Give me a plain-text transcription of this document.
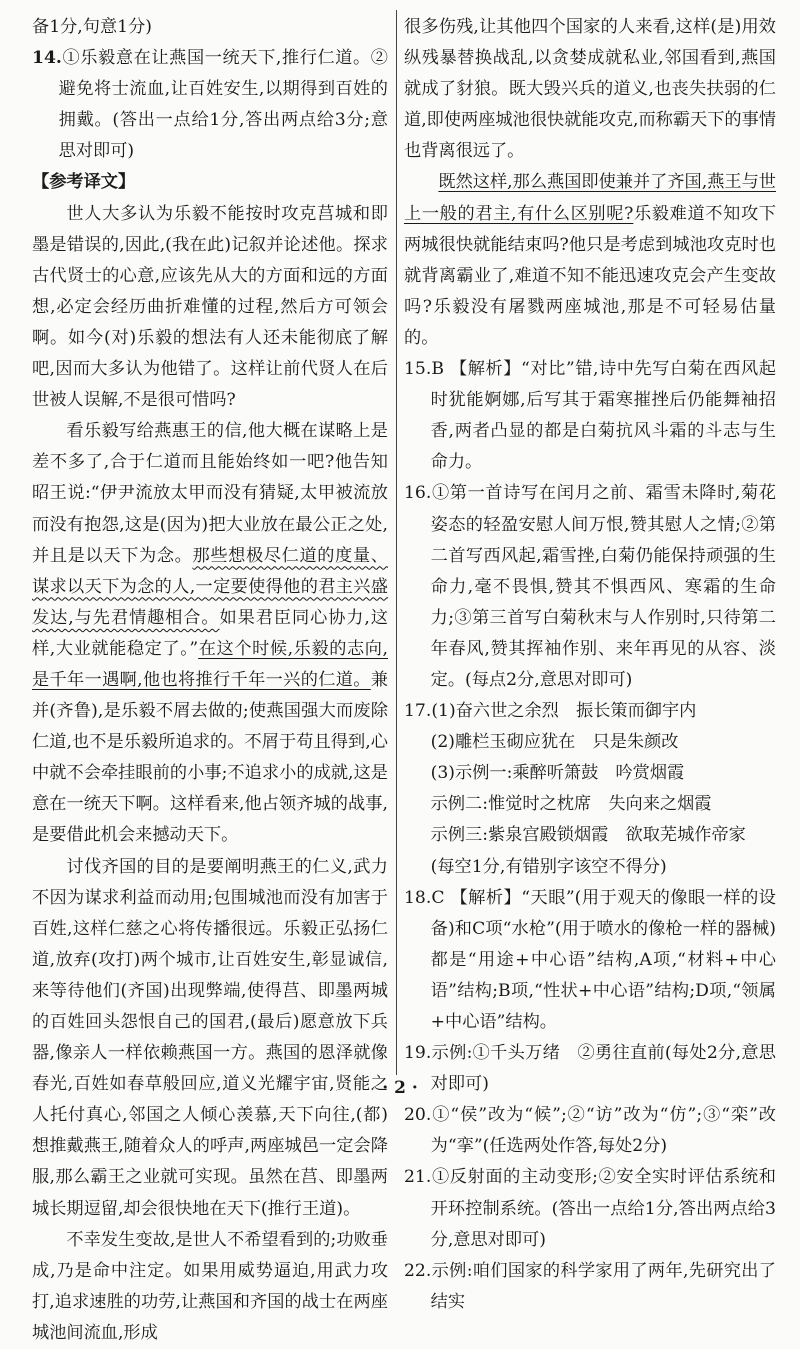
备1分,句意1分)

14.①乐毅意在让燕国一统天下,推行仁道。②避免将士流血,让百姓安生,以期得到百姓的拥戴。(答出一点给1分,答出两点给3分;意思对即可)

【参考译文】

世人大多认为乐毅不能按时攻克莒城和即墨是错误的,因此,(我在此)记叙并论述他。探求古代贤士的心意,应该先从大的方面和远的方面想,必定会经历曲折难懂的过程,然后方可领会啊。如今(对)乐毅的想法有人还未能彻底了解吧,因而大多认为他错了。这样让前代贤人在后世被人误解,不是很可惜吗?

看乐毅写给燕惠王的信,他大概在谋略上是差不多了,合于仁道而且能始终如一吧?他告知昭王说:“伊尹流放太甲而没有猜疑,太甲被流放而没有抱怨,这是(因为)把大业放在最公正之处,并且是以天下为念。那些想极尽仁道的度量、谋求以天下为念的人,一定要使得他的君主兴盛发达,与先君情趣相合。如果君臣同心协力,这样,大业就能稳定了。”在这个时候,乐毅的志向,是千年一遇啊,他也将推行千年一兴的仁道。兼并(齐鲁),是乐毅不屑去做的;使燕国强大而废除仁道,也不是乐毅所追求的。不屑于苟且得到,心中就不会牵挂眼前的小事;不追求小的成就,这是意在一统天下啊。这样看来,他占领齐城的战事,是要借此机会来撼动天下。

讨伐齐国的目的是要阐明燕王的仁义,武力不因为谋求利益而动用;包围城池而没有加害于百姓,这样仁慈之心将传播很远。乐毅正弘扬仁道,放弃(攻打)两个城市,让百姓安生,彰显诚信,来等待他们(齐国)出现弊端,使得莒、即墨两城的百姓回头怨恨自己的国君,(最后)愿意放下兵器,像亲人一样依赖燕国一方。燕国的恩泽就像春光,百姓如春草般回应,道义光耀宇宙,贤能之人托付真心,邻国之人倾心羡慕,天下向往,(都)想推戴燕王,随着众人的呼声,两座城邑一定会降服,那么霸王之业就可实现。虽然在莒、即墨两城长期逗留,却会很快地在天下(推行王道)。

不幸发生变故,是世人不希望看到的;功败垂成,乃是命中注定。如果用威势逼迫,用武力攻打,追求速胜的功劳,让燕国和齐国的战士在两座城池间流血,形成

很多伤残,让其他四个国家的人来看,这样(是)用效纵残暴替换战乱,以贪婪成就私业,邻国看到,燕国就成了豺狼。既大毁兴兵的道义,也丧失扶弱的仁道,即使两座城池很快就能攻克,而称霸天下的事情也背离很远了。

既然这样,那么燕国即使兼并了齐国,燕王与世上一般的君主,有什么区别呢?乐毅难道不知攻下两城很快就能结束吗?他只是考虑到城池攻克时也就背离霸业了,难道不知不能迅速攻克会产生变故吗?乐毅没有屠戮两座城池,那是不可轻易估量的。

15.B 【解析】“对比”错,诗中先写白菊在西风起时犹能婀娜,后写其于霜寒摧挫后仍能舞袖招香,两者凸显的都是白菊抗风斗霜的斗志与生命力。

16.①第一首诗写在闰月之前、霜雪未降时,菊花姿态的轻盈安慰人间万恨,赞其慰人之情;②第二首写西风起,霜雪挫,白菊仍能保持顽强的生命力,毫不畏惧,赞其不惧西风、寒霜的生命力;③第三首写白菊秋末与人作别时,只待第二年春风,赞其挥袖作别、来年再见的从容、淡定。(每点2分,意思对即可)

17.(1)奋六世之余烈　振长策而御宇内

(2)雕栏玉砌应犹在　只是朱颜改

(3)示例一:乘醉听箫鼓　吟赏烟霞

示例二:惟觉时之枕席　失向来之烟霞

示例三:紫泉宫殿锁烟霞　欲取芜城作帝家

(每空1分,有错别字该空不得分)

18.C 【解析】“天眼”(用于观天的像眼一样的设备)和C项“水枪”(用于喷水的像枪一样的器械)都是“用途+中心语”结构,A项,“材料+中心语”结构;B项,“性状+中心语”结构;D项,“领属+中心语”结构。

19.示例:①千头万绪　②勇往直前(每处2分,意思对即可)

20.①“侯”改为“候”;②“访”改为“仿”;③“栾”改为“挛”(任选两处作答,每处2分)

21.①反射面的主动变形;②安全实时评估系统和开环控制系统。(答出一点给1分,答出两点给3分,意思对即可)

22.示例:咱们国家的科学家用了两年,先研究出了结实

· 2 ·
